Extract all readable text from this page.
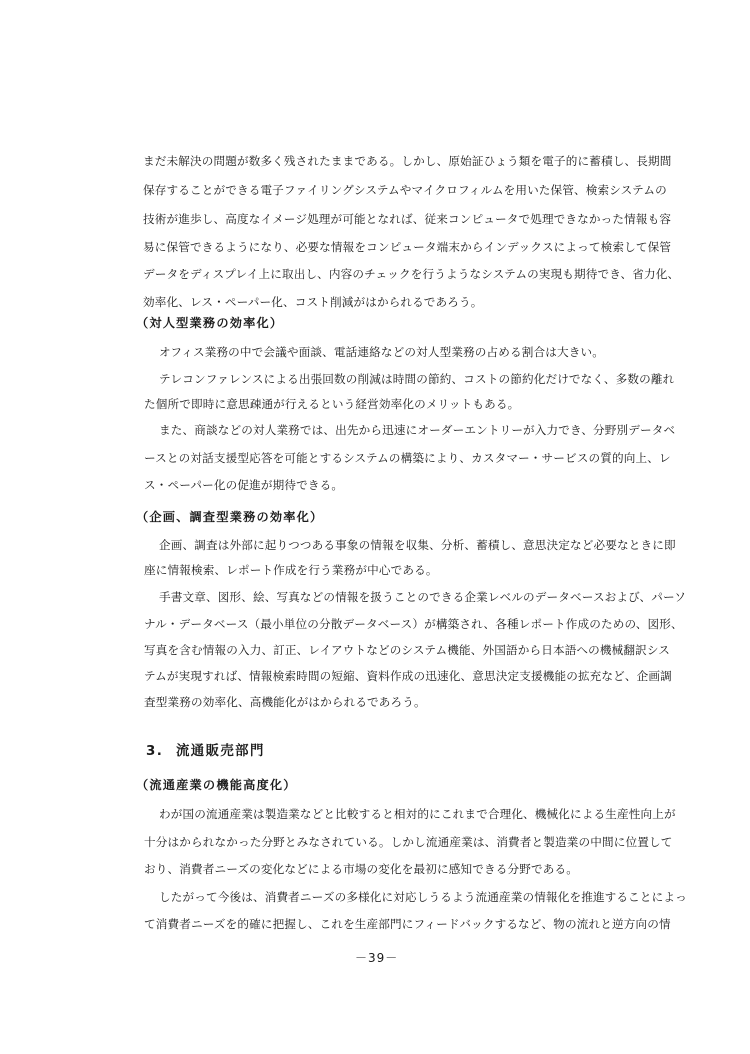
まだ未解決の問題が数多く残されたままである。しかし、原始証ひょう類を電子的に蓄積し、長期間
保存することができる電子ファイリングシステムやマイクロフィルムを用いた保管、検索システムの
技術が進歩し、高度なイメージ処理が可能となれば、従来コンピュータで処理できなかった情報も容
易に保管できるようになり、必要な情報をコンピュータ端末からインデックスによって検索して保管
データをディスプレイ上に取出し、内容のチェックを行うようなシステムの実現も期待でき、省力化、
効率化、レス・ペーパー化、コスト削減がはかられるであろう。
（対人型業務の効率化）
オフィス業務の中で会議や面談、電話連絡などの対人型業務の占める割合は大きい。
テレコンファレンスによる出張回数の削減は時間の節約、コストの節約化だけでなく、多数の離れ
た個所で即時に意思疎通が行えるという経営効率化のメリットもある。
また、商談などの対人業務では、出先から迅速にオーダーエントリーが入力でき、分野別データベ
ースとの対話支援型応答を可能とするシステムの構築により、カスタマー・サービスの質的向上、レ
ス・ペーパー化の促進が期待できる。
（企画、調査型業務の効率化）
企画、調査は外部に起りつつある事象の情報を収集、分析、蓄積し、意思決定など必要なときに即
座に情報検索、レポート作成を行う業務が中心である。
手書文章、図形、絵、写真などの情報を扱うことのできる企業レベルのデータベースおよび、パーソ
ナル・データベース（最小単位の分散データベース）が構築され、各種レポート作成のための、図形、
写真を含む情報の入力、訂正、レイアウトなどのシステム機能、外国語から日本語への機械翻訳シス
テムが実現すれば、情報検索時間の短縮、資料作成の迅速化、意思決定支援機能の拡充など、企画調
査型業務の効率化、高機能化がはかられるであろう。
3. 流通販売部門
（流通産業の機能高度化）
わが国の流通産業は製造業などと比較すると相対的にこれまで合理化、機械化による生産性向上が
十分はかられなかった分野とみなされている。しかし流通産業は、消費者と製造業の中間に位置して
おり、消費者ニーズの変化などによる市場の変化を最初に感知できる分野である。
したがって今後は、消費者ニーズの多様化に対応しうるよう流通産業の情報化を推進することによっ
て消費者ニーズを的確に把握し、これを生産部門にフィードバックするなど、物の流れと逆方向の情
－39－
